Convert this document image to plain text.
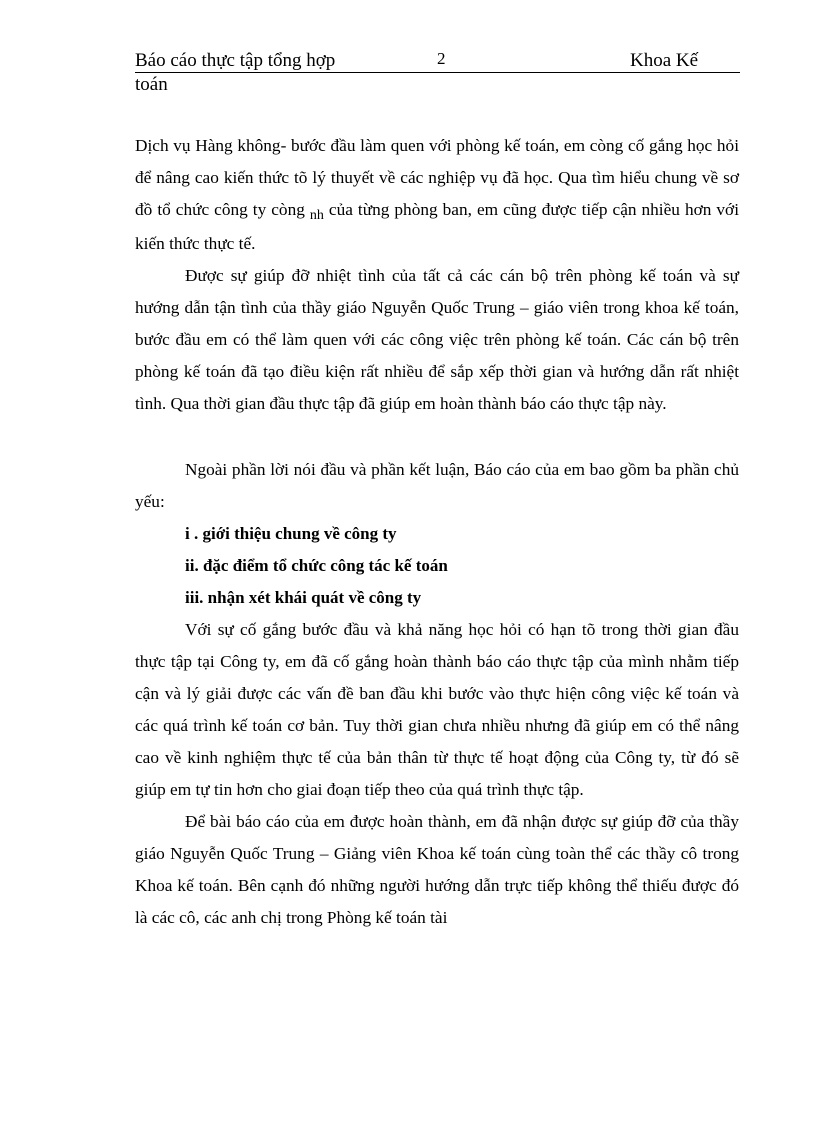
Báo cáo thực tập tổng hợp	2	Khoa Kế
toán

Dịch vụ Hàng không- bước đầu làm quen với phòng kế toán, em còng cố gắng học hỏi để nâng cao kiến thức tõ lý thuyết về các nghiệp vụ đã học. Qua tìm hiểu chung về sơ đồ tổ chức công ty còng $_{nh}$ của từng phòng ban, em cũng được tiếp cận nhiều hơn với kiến thức thực tế.

Được sự giúp đỡ nhiệt tình của tất cả các cán bộ trên phòng kế toán và sự hướng dẫn tận tình của thầy giáo Nguyễn Quốc Trung – giáo viên trong khoa kế toán, bước đầu em có thể làm quen với các công việc trên phòng kế toán. Các cán bộ trên phòng kế toán đã tạo điều kiện rất nhiều để sắp xếp thời gian và hướng dẫn rất nhiệt tình. Qua thời gian đầu thực tập đã giúp em hoàn thành báo cáo thực tập này.

Ngoài phần lời nói đầu và phần kết luận, Báo cáo của em bao gồm ba phần chủ yếu:

i . giới thiệu chung về công ty

ii. đặc điểm tổ chức công tác kế toán

iii. nhận xét khái quát về công ty

Với sự cố gắng bước đầu và khả năng học hỏi có hạn tõ trong thời gian đầu thực tập tại Công ty, em đã cố gắng hoàn thành báo cáo thực tập của mình nhằm tiếp cận và lý giải được các vấn đề ban đầu khi bước vào thực hiện công việc kế toán và các quá trình kế toán cơ bản. Tuy thời gian chưa nhiều nhưng đã giúp em có thể nâng cao về kinh nghiệm thực tế của bản thân từ thực tế hoạt động của Công ty, từ đó sẽ giúp em tự tin hơn cho giai đoạn tiếp theo của quá trình thực tập.

Để bài báo cáo của em được hoàn thành, em đã nhận được sự giúp đỡ của thầy giáo Nguyễn Quốc Trung – Giảng viên Khoa kế toán cùng toàn thể các thầy cô trong Khoa kế toán. Bên cạnh đó những người hướng dẫn trực tiếp không thể thiếu được đó là các cô, các anh chị trong Phòng kế toán tài
